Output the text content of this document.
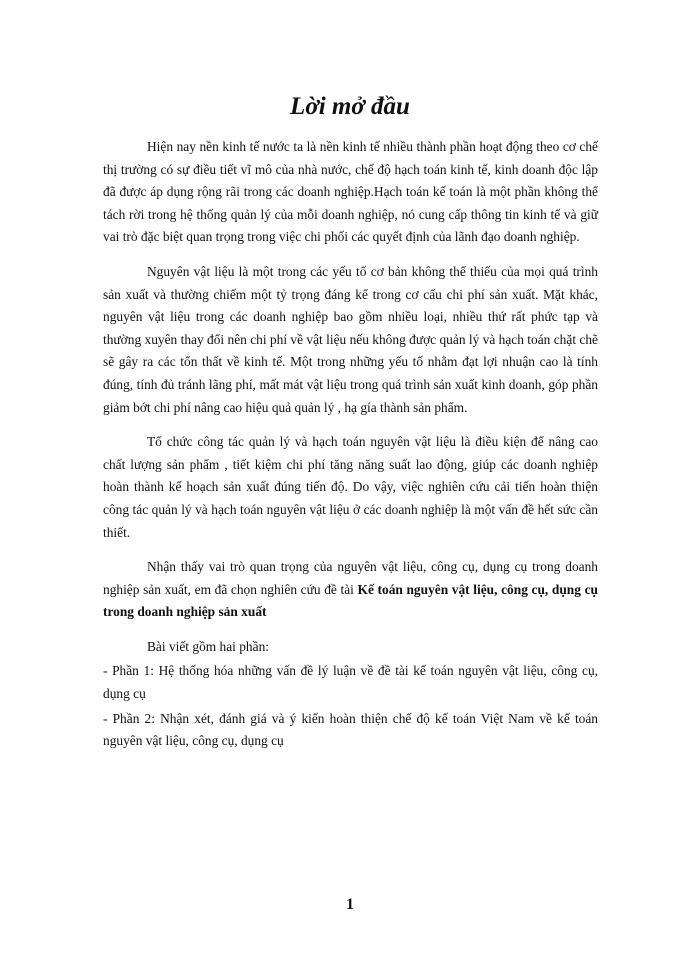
Lời mở đầu

Hiện nay nền kinh tế nước ta là nền kinh tế nhiều thành phần hoạt động theo cơ chế thị trường có sự điều tiết vĩ mô của nhà nước, chế độ hạch toán kinh tế, kinh doanh độc lập đã được áp dụng rộng rãi trong các doanh nghiệp.Hạch toán kế toán là một phần không thể tách rời trong hệ thống quản lý của mỗi doanh nghiệp, nó cung cấp thông tin kinh tế và giữ vai trò đặc biệt quan trọng trong việc chi phối các quyết định của lãnh đạo doanh nghiệp.

Nguyên vật liệu là một trong các yếu tố cơ bản không thể thiếu của mọi quá trình sản xuất và thường chiếm một tỷ trọng đáng kể trong cơ cấu chi phí sản xuất. Mặt khác, nguyên vật liệu trong các doanh nghiệp bao gồm nhiều loại, nhiều thứ rất phức tạp và thường xuyên thay đổi nên chi phí về vật liệu nếu không được quản lý và hạch toán chặt chẽ sẽ gây ra các tổn thất về kinh tế. Một trong những yếu tố nhằm đạt lợi nhuận cao là tính đúng, tính đủ tránh lãng phí, mất mát vật liệu trong quá trình sản xuất kinh doanh, góp phần giảm bớt chi phí nâng cao hiệu quả quản lý , hạ gía thành sản phẩm.

Tổ chức công tác quản lý và hạch toán nguyên vật liệu là điều kiện để nâng cao chất lượng sản phẩm , tiết kiệm chi phí tăng năng suất lao động, giúp các doanh nghiệp hoàn thành kế hoạch sản xuất đúng tiến độ. Do vậy, việc nghiên cứu cải tiến hoàn thiện công tác quản lý và hạch toán nguyên vật liệu ở các doanh nghiệp là một vấn đề hết sức cần thiết.

Nhận thấy vai trò quan trọng của nguyên vật liệu, công cụ, dụng cụ trong doanh nghiệp sản xuất, em đã chọn nghiên cứu đề tài Kế toán nguyên vật liệu, công cụ, dụng cụ trong doanh nghiệp sản xuất

Bài viết gồm hai phần:

- Phần 1: Hệ thống hóa những vấn đề lý luận về đề tài kế toán nguyên vật liệu, công cụ, dụng cụ

- Phần 2: Nhận xét, đánh giá và ý kiến hoàn thiện chế độ kế toán Việt Nam về kế toán nguyên vật liệu, công cụ, dụng cụ

1
